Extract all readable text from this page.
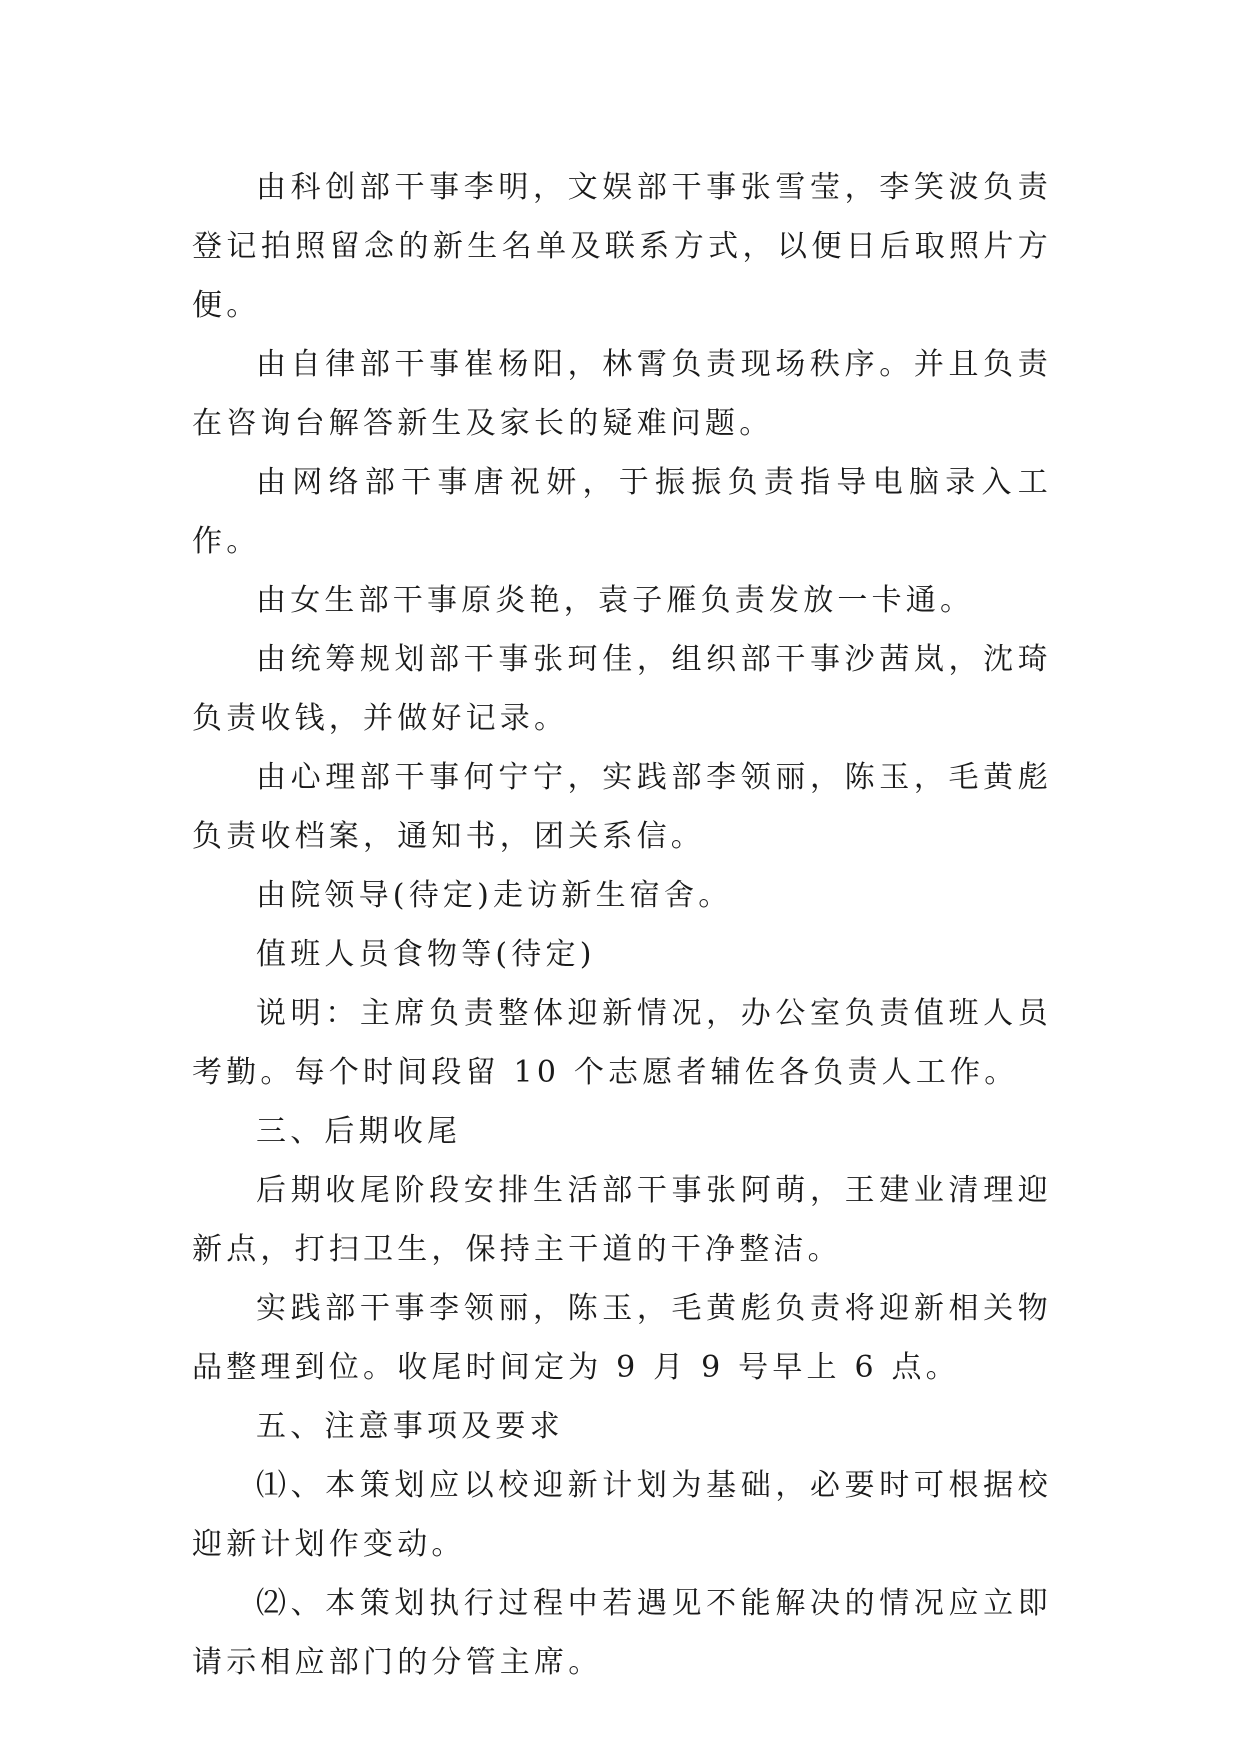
由科创部干事李明，文娱部干事张雪莹，李笑波负责登记拍照留念的新生名单及联系方式，以便日后取照片方便。

由自律部干事崔杨阳，林霄负责现场秩序。并且负责在咨询台解答新生及家长的疑难问题。

由网络部干事唐祝妍，于振振负责指导电脑录入工作。

由女生部干事原炎艳，袁子雁负责发放一卡通。

由统筹规划部干事张珂佳，组织部干事沙茜岚，沈琦负责收钱，并做好记录。

由心理部干事何宁宁，实践部李领丽，陈玉，毛黄彪负责收档案，通知书，团关系信。

由院领导(待定)走访新生宿舍。

值班人员食物等(待定)

说明：主席负责整体迎新情况，办公室负责值班人员考勤。每个时间段留 10 个志愿者辅佐各负责人工作。

三、后期收尾

后期收尾阶段安排生活部干事张阿萌，王建业清理迎新点，打扫卫生，保持主干道的干净整洁。

实践部干事李领丽，陈玉，毛黄彪负责将迎新相关物品整理到位。收尾时间定为 9 月 9 号早上 6 点。

五、注意事项及要求

⑴、本策划应以校迎新计划为基础，必要时可根据校迎新计划作变动。

⑵、本策划执行过程中若遇见不能解决的情况应立即请示相应部门的分管主席。
